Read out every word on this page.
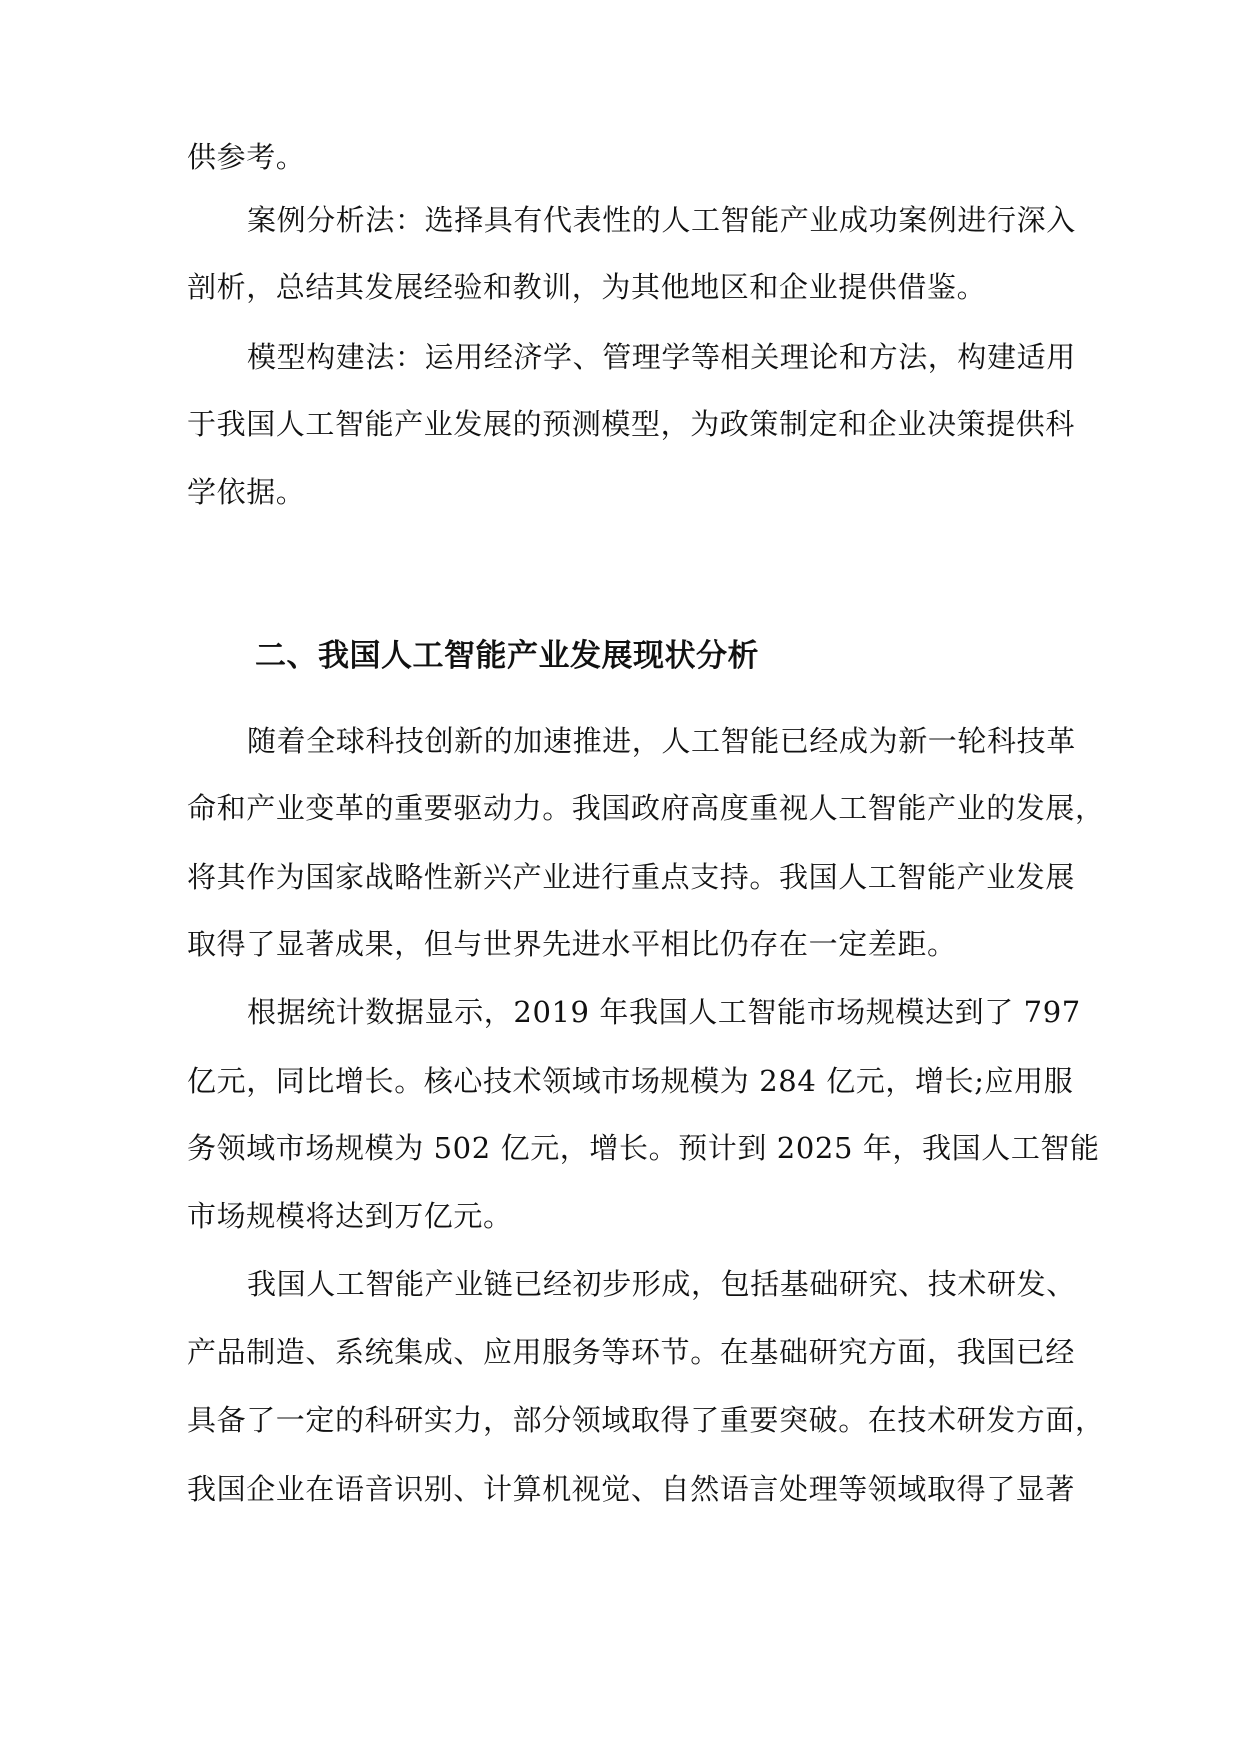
供参考。
案例分析法：选择具有代表性的人工智能产业成功案例进行深入
剖析，总结其发展经验和教训，为其他地区和企业提供借鉴。
模型构建法：运用经济学、管理学等相关理论和方法，构建适用
于我国人工智能产业发展的预测模型，为政策制定和企业决策提供科
学依据。
二、我国人工智能产业发展现状分析
随着全球科技创新的加速推进，人工智能已经成为新一轮科技革
命和产业变革的重要驱动力。我国政府高度重视人工智能产业的发展，
将其作为国家战略性新兴产业进行重点支持。我国人工智能产业发展
取得了显著成果，但与世界先进水平相比仍存在一定差距。
根据统计数据显示，2019 年我国人工智能市场规模达到了 797
亿元，同比增长。核心技术领域市场规模为 284 亿元，增长;应用服
务领域市场规模为 502 亿元，增长。预计到 2025 年，我国人工智能
市场规模将达到万亿元。
我国人工智能产业链已经初步形成，包括基础研究、技术研发、
产品制造、系统集成、应用服务等环节。在基础研究方面，我国已经
具备了一定的科研实力，部分领域取得了重要突破。在技术研发方面，
我国企业在语音识别、计算机视觉、自然语言处理等领域取得了显著
